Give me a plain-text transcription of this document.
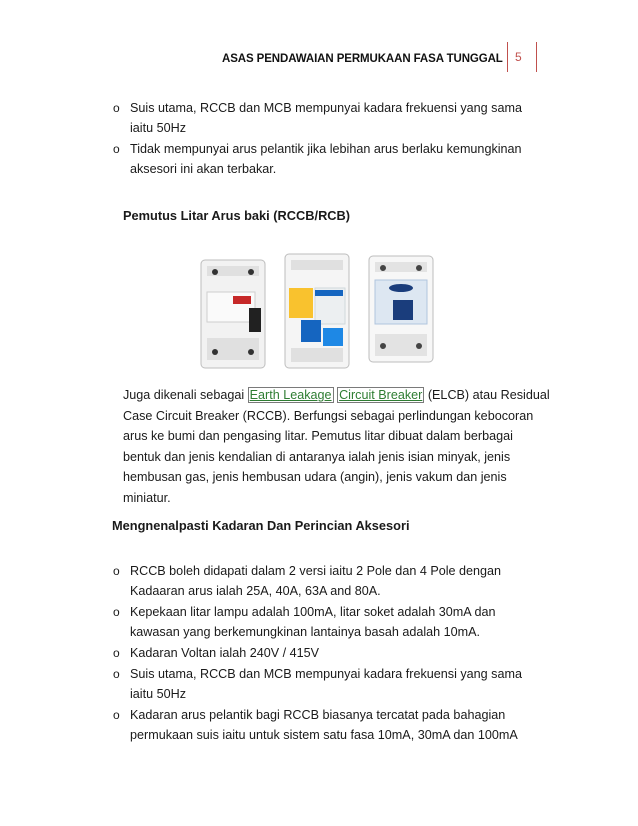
ASAS PENDAWAIAN PERMUKAAN FASA TUNGGAL 5
o Suis utama, RCCB dan MCB mempunyai kadara frekuensi yang sama iaitu 50Hz
o Tidak mempunyai arus pelantik jika lebihan arus berlaku kemungkinan aksesori ini akan terbakar.
Pemutus Litar Arus baki (RCCB/RCB)
Juga dikenali sebagai Earth Leakage Circuit Breaker (ELCB) atau Residual Case Circuit Breaker (RCCB). Berfungsi sebagai perlindungan kebocoran arus ke bumi dan pengasing litar. Pemutus litar dibuat dalam berbagai bentuk dan jenis kendalian di antaranya ialah jenis isian minyak, jenis hembusan gas, jenis hembusan udara (angin), jenis vakum dan jenis miniatur.
Mengnenalpasti Kadaran Dan Perincian Aksesori
o RCCB boleh didapati dalam 2 versi iaitu 2 Pole dan 4 Pole dengan Kadaaran arus ialah 25A, 40A, 63A and 80A.
o Kepekaan litar lampu adalah 100mA, litar soket adalah 30mA dan kawasan yang berkemungkinan lantainya basah adalah 10mA.
o Kadaran Voltan ialah 240V / 415V
o Suis utama, RCCB dan MCB mempunyai kadara frekuensi yang sama iaitu 50Hz
o Kadaran arus pelantik bagi RCCB biasanya tercatat pada bahagian permukaan suis iaitu untuk sistem satu fasa 10mA, 30mA dan 100mA
